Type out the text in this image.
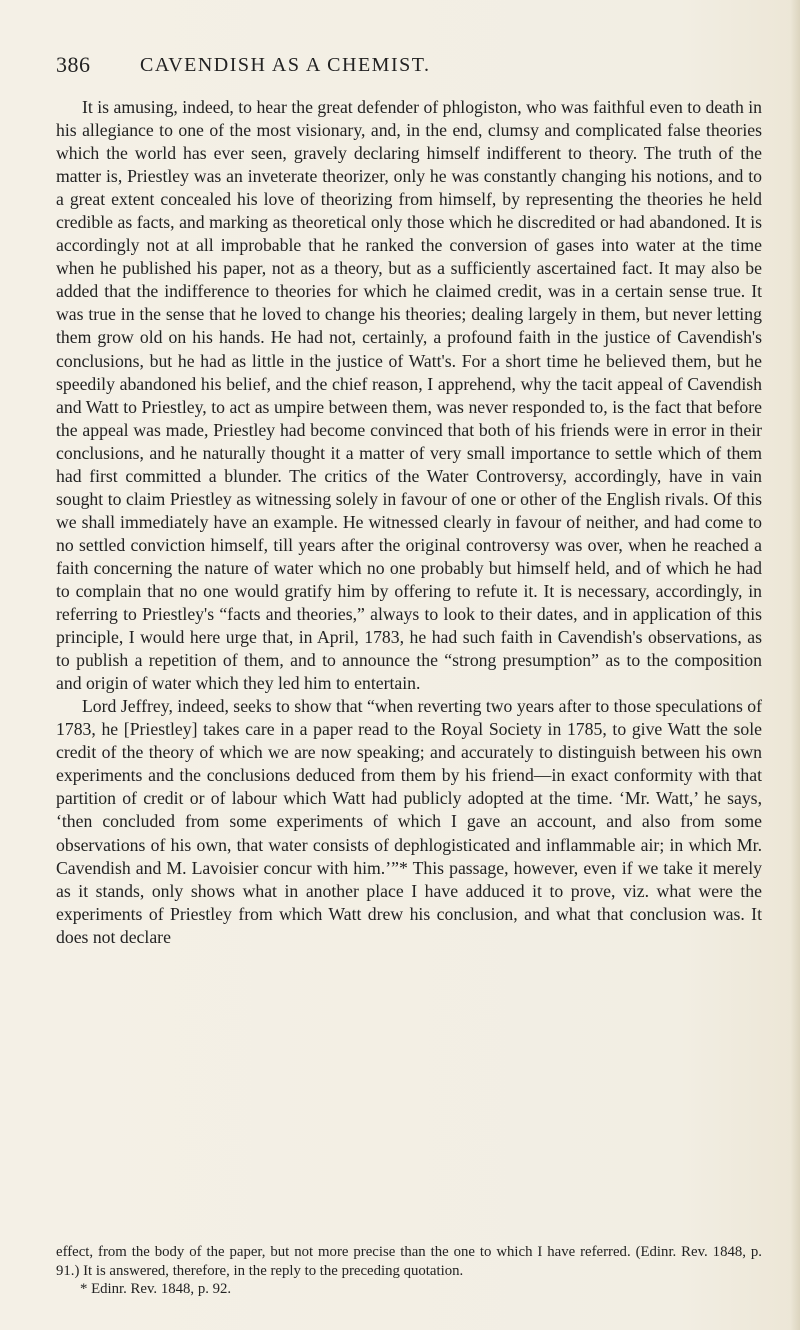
386 CAVENDISH AS A CHEMIST.

It is amusing, indeed, to hear the great defender of phlogiston, who was faithful even to death in his allegiance to one of the most visionary, and, in the end, clumsy and complicated false theories which the world has ever seen, gravely declaring himself indifferent to theory. The truth of the matter is, Priestley was an inveterate theorizer, only he was constantly changing his notions, and to a great extent concealed his love of theorizing from himself, by representing the theories he held credible as facts, and marking as theoretical only those which he discredited or had abandoned. It is accordingly not at all improbable that he ranked the conversion of gases into water at the time when he published his paper, not as a theory, but as a sufficiently ascertained fact. It may also be added that the indifference to theories for which he claimed credit, was in a certain sense true. It was true in the sense that he loved to change his theories; dealing largely in them, but never letting them grow old on his hands. He had not, certainly, a profound faith in the justice of Cavendish's conclusions, but he had as little in the justice of Watt's. For a short time he believed them, but he speedily abandoned his belief, and the chief reason, I apprehend, why the tacit appeal of Cavendish and Watt to Priestley, to act as umpire between them, was never responded to, is the fact that before the appeal was made, Priestley had become convinced that both of his friends were in error in their conclusions, and he naturally thought it a matter of very small importance to settle which of them had first committed a blunder. The critics of the Water Controversy, accordingly, have in vain sought to claim Priestley as witnessing solely in favour of one or other of the English rivals. Of this we shall immediately have an example. He witnessed clearly in favour of neither, and had come to no settled conviction himself, till years after the original controversy was over, when he reached a faith concerning the nature of water which no one probably but himself held, and of which he had to complain that no one would gratify him by offering to refute it. It is necessary, accordingly, in referring to Priestley's “facts and theories,” always to look to their dates, and in application of this principle, I would here urge that, in April, 1783, he had such faith in Cavendish's observations, as to publish a repetition of them, and to announce the “strong presumption” as to the composition and origin of water which they led him to entertain.

Lord Jeffrey, indeed, seeks to show that “when reverting two years after to those speculations of 1783, he [Priestley] takes care in a paper read to the Royal Society in 1785, to give Watt the sole credit of the theory of which we are now speaking; and accurately to distinguish between his own experiments and the conclusions deduced from them by his friend—in exact conformity with that partition of credit or of labour which Watt had publicly adopted at the time. ‘Mr. Watt,’ he says, ‘then concluded from some experiments of which I gave an account, and also from some observations of his own, that water consists of dephlogisticated and inflammable air; in which Mr. Cavendish and M. Lavoisier concur with him.’”* This passage, however, even if we take it merely as it stands, only shows what in another place I have adduced it to prove, viz. what were the experiments of Priestley from which Watt drew his conclusion, and what that conclusion was. It does not declare

effect, from the body of the paper, but not more precise than the one to which I have referred. (Edinr. Rev. 1848, p. 91.) It is answered, therefore, in the reply to the preceding quotation.

* Edinr. Rev. 1848, p. 92.
